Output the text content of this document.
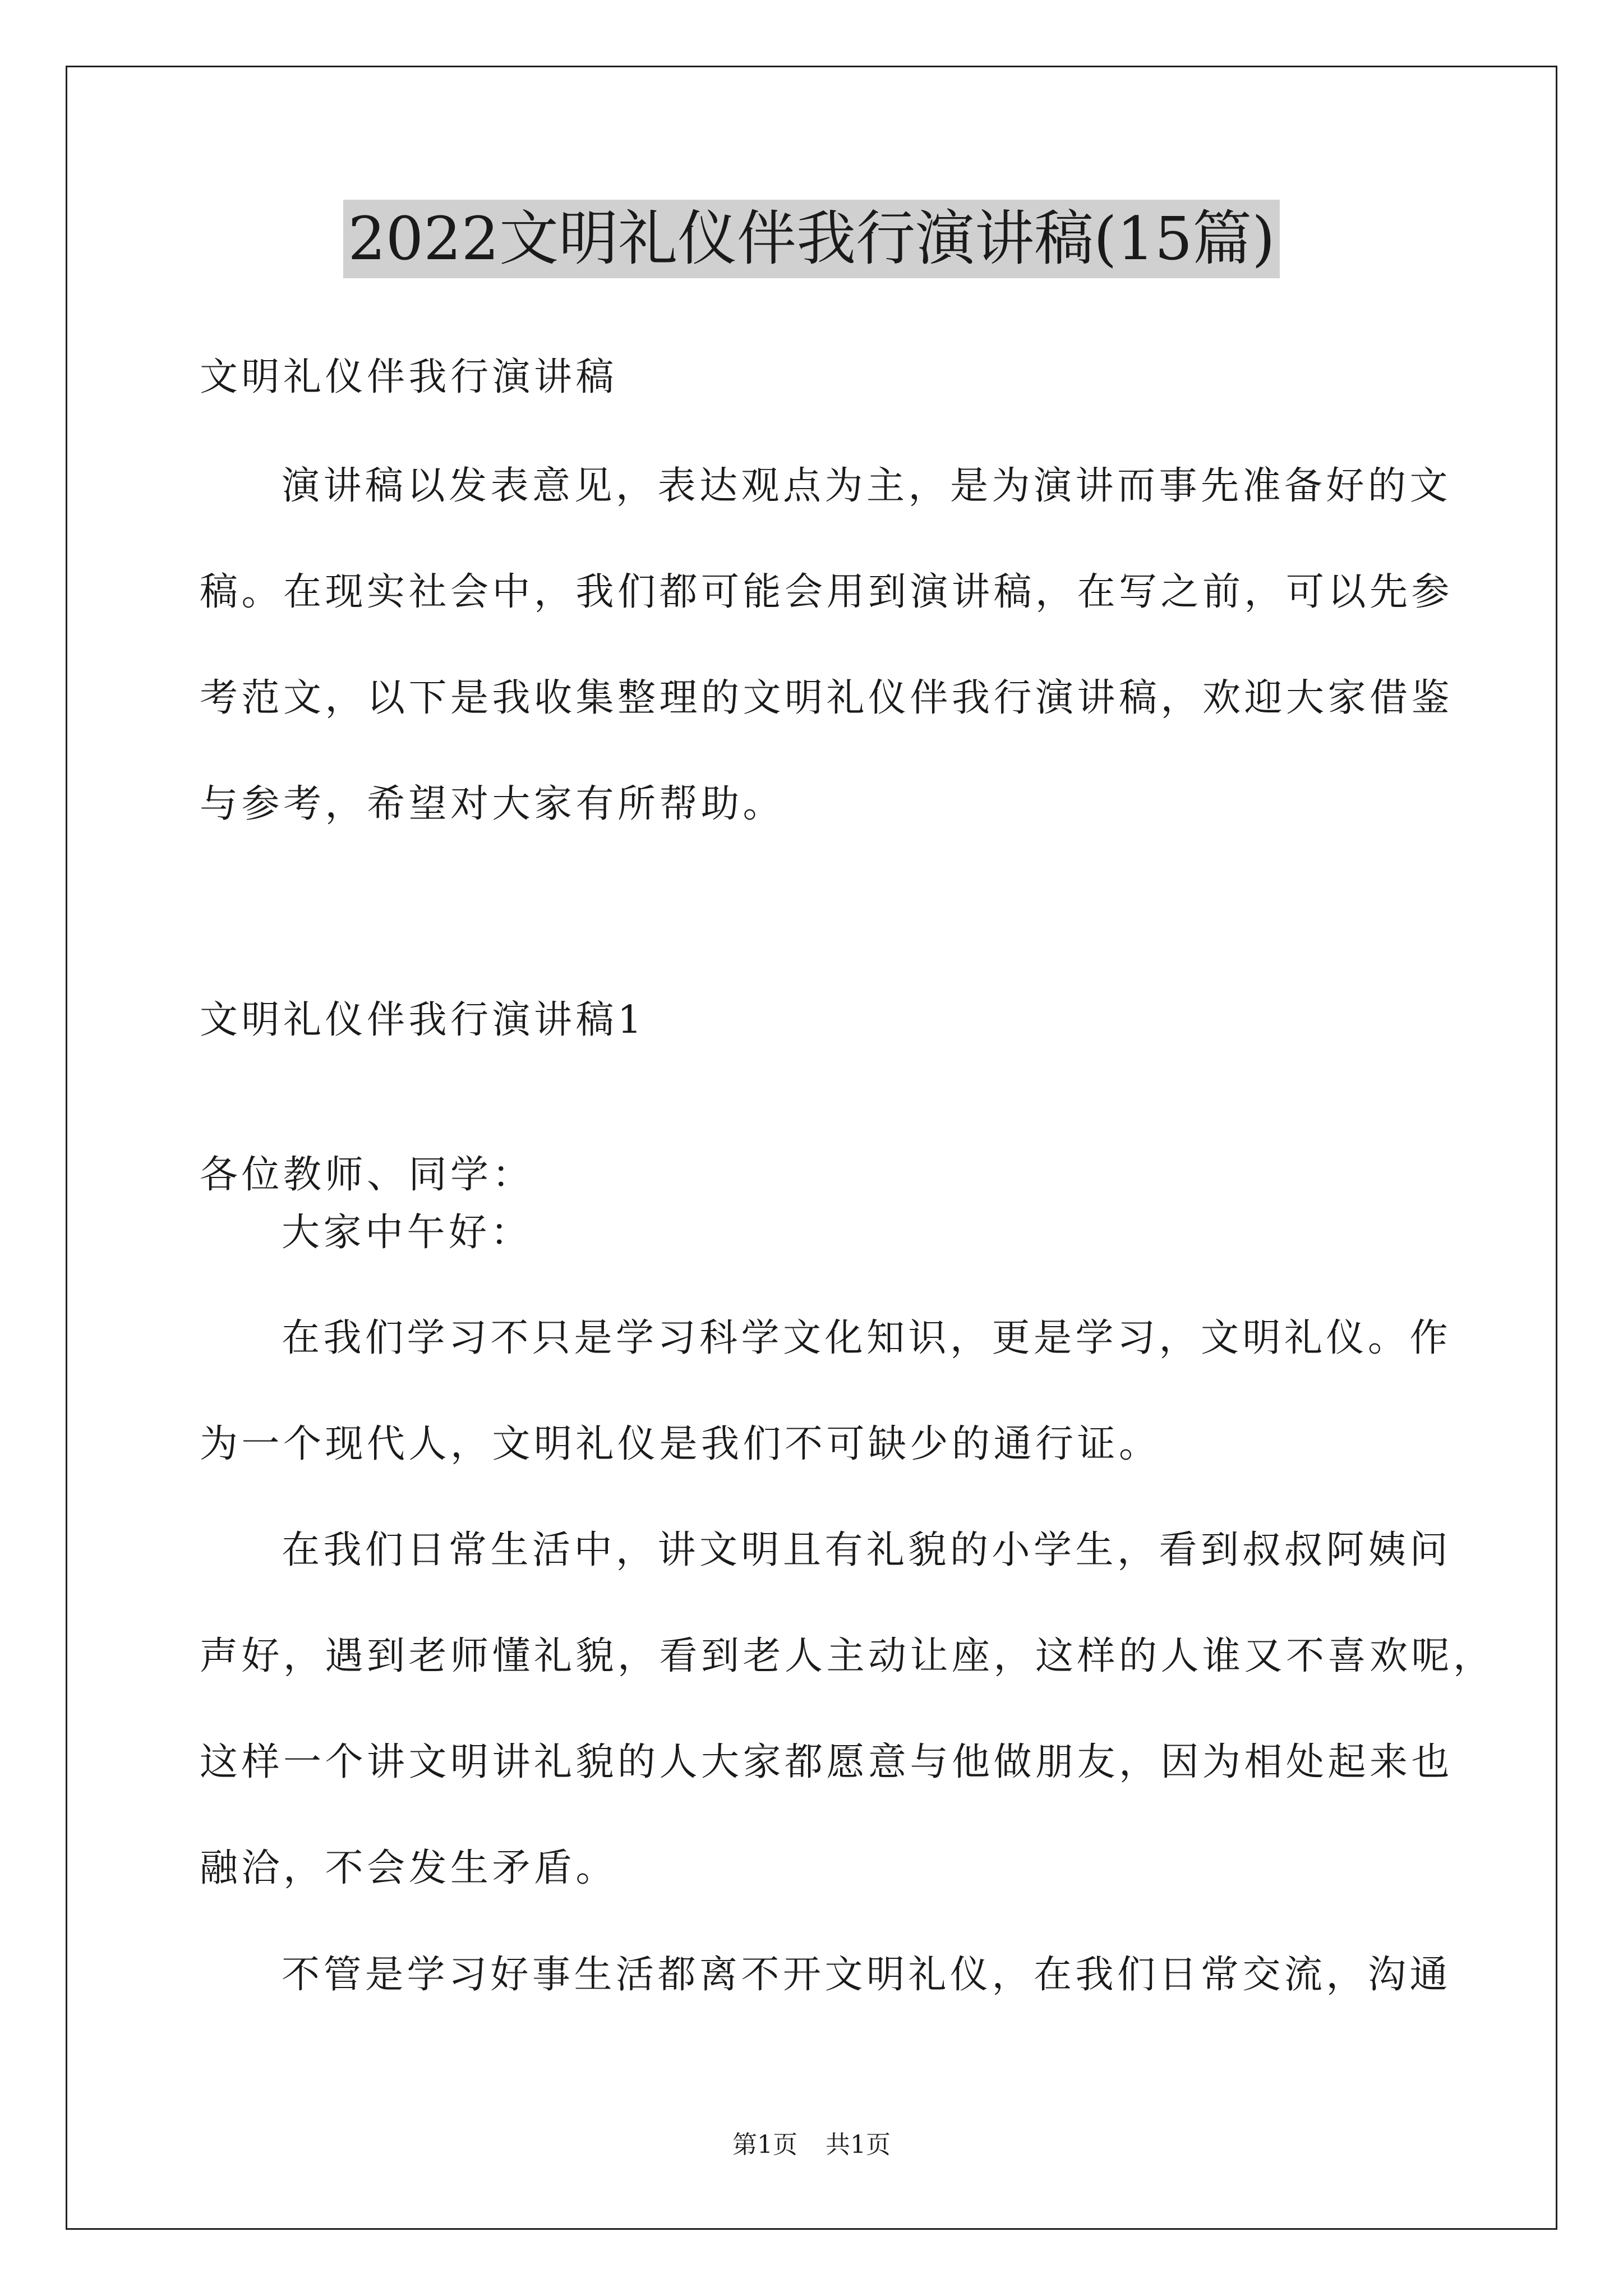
2022文明礼仪伴我行演讲稿(15篇)
文明礼仪伴我行演讲稿
演讲稿以发表意见，表达观点为主，是为演讲而事先准备好的文
稿。在现实社会中，我们都可能会用到演讲稿，在写之前，可以先参
考范文，以下是我收集整理的文明礼仪伴我行演讲稿，欢迎大家借鉴
与参考，希望对大家有所帮助。
文明礼仪伴我行演讲稿1
各位教师、同学：
大家中午好：
在我们学习不只是学习科学文化知识，更是学习，文明礼仪。作
为一个现代人，文明礼仪是我们不可缺少的通行证。
在我们日常生活中，讲文明且有礼貌的小学生，看到叔叔阿姨问
声好，遇到老师懂礼貌，看到老人主动让座，这样的人谁又不喜欢呢，
这样一个讲文明讲礼貌的人大家都愿意与他做朋友，因为相处起来也
融洽，不会发生矛盾。
不管是学习好事生活都离不开文明礼仪，在我们日常交流，沟通
第1页 共1页
